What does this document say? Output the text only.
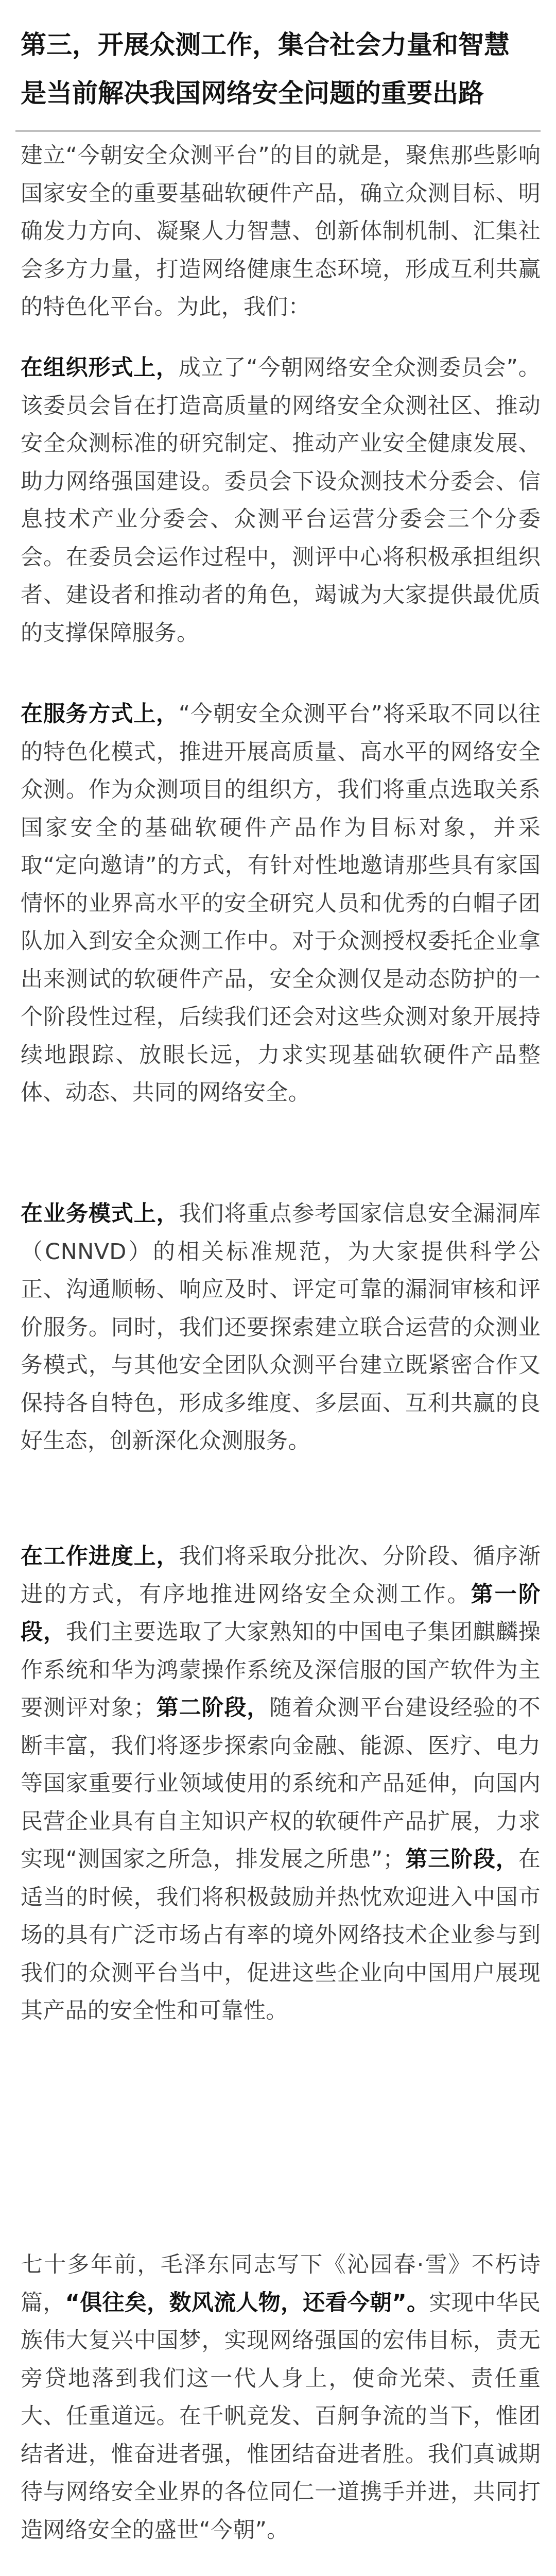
第三，开展众测工作，集合社会力量和智慧
是当前解决我国网络安全问题的重要出路

建立“今朝安全众测平台”的目的就是，聚焦那些影响国家安全的重要基础软硬件产品，确立众测目标、明确发力方向、凝聚人力智慧、创新体制机制、汇集社会多方力量，打造网络健康生态环境，形成互利共赢的特色化平台。为此，我们：

在组织形式上，成立了“今朝网络安全众测委员会”。该委员会旨在打造高质量的网络安全众测社区、推动安全众测标准的研究制定、推动产业安全健康发展、助力网络强国建设。委员会下设众测技术分委会、信息技术产业分委会、众测平台运营分委会三个分委会。在委员会运作过程中，测评中心将积极承担组织者、建设者和推动者的角色，竭诚为大家提供最优质的支撑保障服务。

在服务方式上，“今朝安全众测平台”将采取不同以往的特色化模式，推进开展高质量、高水平的网络安全众测。作为众测项目的组织方，我们将重点选取关系国家安全的基础软硬件产品作为目标对象，并采取“定向邀请”的方式，有针对性地邀请那些具有家国情怀的业界高水平的安全研究人员和优秀的白帽子团队加入到安全众测工作中。对于众测授权委托企业拿出来测试的软硬件产品，安全众测仅是动态防护的一个阶段性过程，后续我们还会对这些众测对象开展持续地跟踪、放眼长远，力求实现基础软硬件产品整体、动态、共同的网络安全。

在业务模式上，我们将重点参考国家信息安全漏洞库（CNNVD）的相关标准规范，为大家提供科学公正、沟通顺畅、响应及时、评定可靠的漏洞审核和评价服务。同时，我们还要探索建立联合运营的众测业务模式，与其他安全团队众测平台建立既紧密合作又保持各自特色，形成多维度、多层面、互利共赢的良好生态，创新深化众测服务。

在工作进度上，我们将采取分批次、分阶段、循序渐进的方式，有序地推进网络安全众测工作。第一阶段，我们主要选取了大家熟知的中国电子集团麒麟操作系统和华为鸿蒙操作系统及深信服的国产软件为主要测评对象；第二阶段，随着众测平台建设经验的不断丰富，我们将逐步探索向金融、能源、医疗、电力等国家重要行业领域使用的系统和产品延伸，向国内民营企业具有自主知识产权的软硬件产品扩展，力求实现“测国家之所急，排发展之所患”；第三阶段，在适当的时候，我们将积极鼓励并热忱欢迎进入中国市场的具有广泛市场占有率的境外网络技术企业参与到我们的众测平台当中，促进这些企业向中国用户展现其产品的安全性和可靠性。

七十多年前，毛泽东同志写下《沁园春·雪》不朽诗篇，“俱往矣，数风流人物，还看今朝”。实现中华民族伟大复兴中国梦，实现网络强国的宏伟目标，责无旁贷地落到我们这一代人身上，使命光荣、责任重大、任重道远。在千帆竞发、百舸争流的当下，惟团结者进，惟奋进者强，惟团结奋进者胜。我们真诚期待与网络安全业界的各位同仁一道携手并进，共同打造网络安全的盛世“今朝”。
